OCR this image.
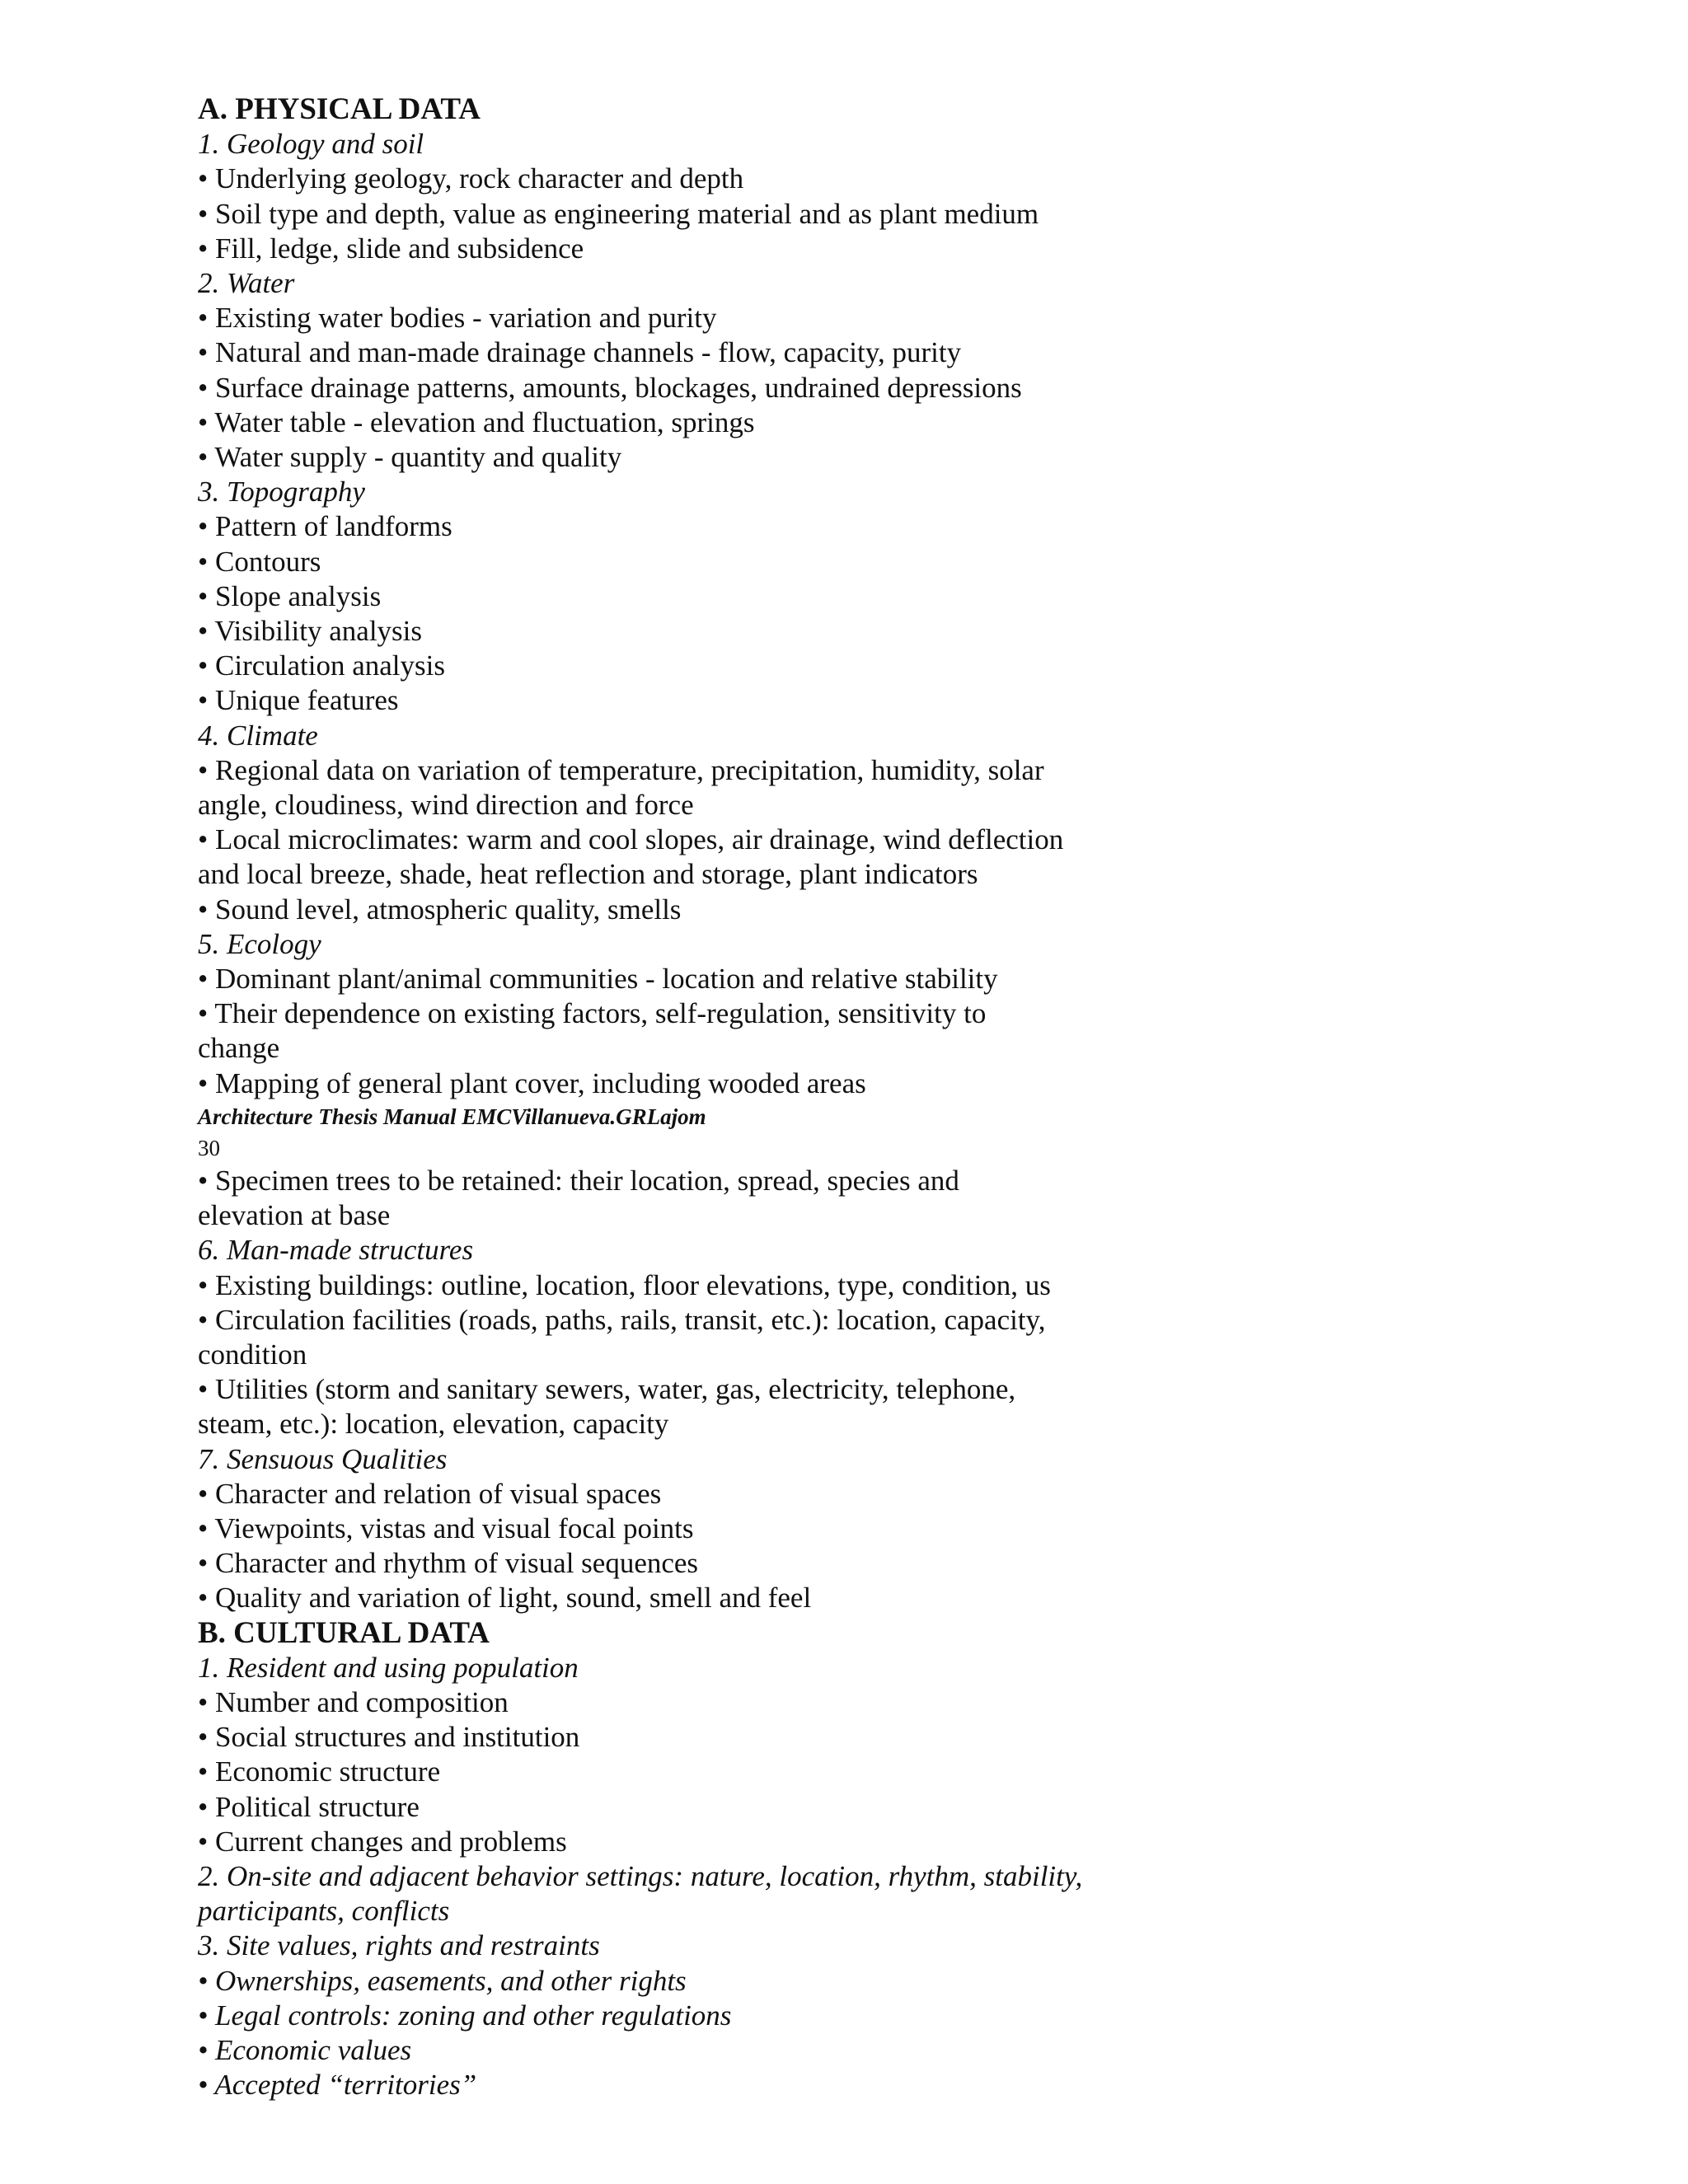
A. PHYSICAL DATA
1. Geology and soil
• Underlying geology, rock character and depth
• Soil type and depth, value as engineering material and as plant medium
• Fill, ledge, slide and subsidence
2. Water
• Existing water bodies - variation and purity
• Natural and man-made drainage channels - flow, capacity, purity
• Surface drainage patterns, amounts, blockages, undrained depressions
• Water table - elevation and fluctuation, springs
• Water supply - quantity and quality
3. Topography
• Pattern of landforms
• Contours
• Slope analysis
• Visibility analysis
• Circulation analysis
• Unique features
4. Climate
• Regional data on variation of temperature, precipitation, humidity, solar
angle, cloudiness, wind direction and force
• Local microclimates: warm and cool slopes, air drainage, wind deflection
and local breeze, shade, heat reflection and storage, plant indicators
• Sound level, atmospheric quality, smells
5. Ecology
• Dominant plant/animal communities - location and relative stability
• Their dependence on existing factors, self-regulation, sensitivity to
change
• Mapping of general plant cover, including wooded areas
Architecture Thesis Manual EMCVillanueva.GRLajom
30
• Specimen trees to be retained: their location, spread, species and
elevation at base
6. Man-made structures
• Existing buildings: outline, location, floor elevations, type, condition, us
• Circulation facilities (roads, paths, rails, transit, etc.): location, capacity,
condition
• Utilities (storm and sanitary sewers, water, gas, electricity, telephone,
steam, etc.): location, elevation, capacity
7. Sensuous Qualities
• Character and relation of visual spaces
• Viewpoints, vistas and visual focal points
• Character and rhythm of visual sequences
• Quality and variation of light, sound, smell and feel
B. CULTURAL DATA
1. Resident and using population
• Number and composition
• Social structures and institution
• Economic structure
• Political structure
• Current changes and problems
2. On-site and adjacent behavior settings: nature, location, rhythm, stability,
participants, conflicts
3. Site values, rights and restraints
• Ownerships, easements, and other rights
• Legal controls: zoning and other regulations
• Economic values
• Accepted “territories”
